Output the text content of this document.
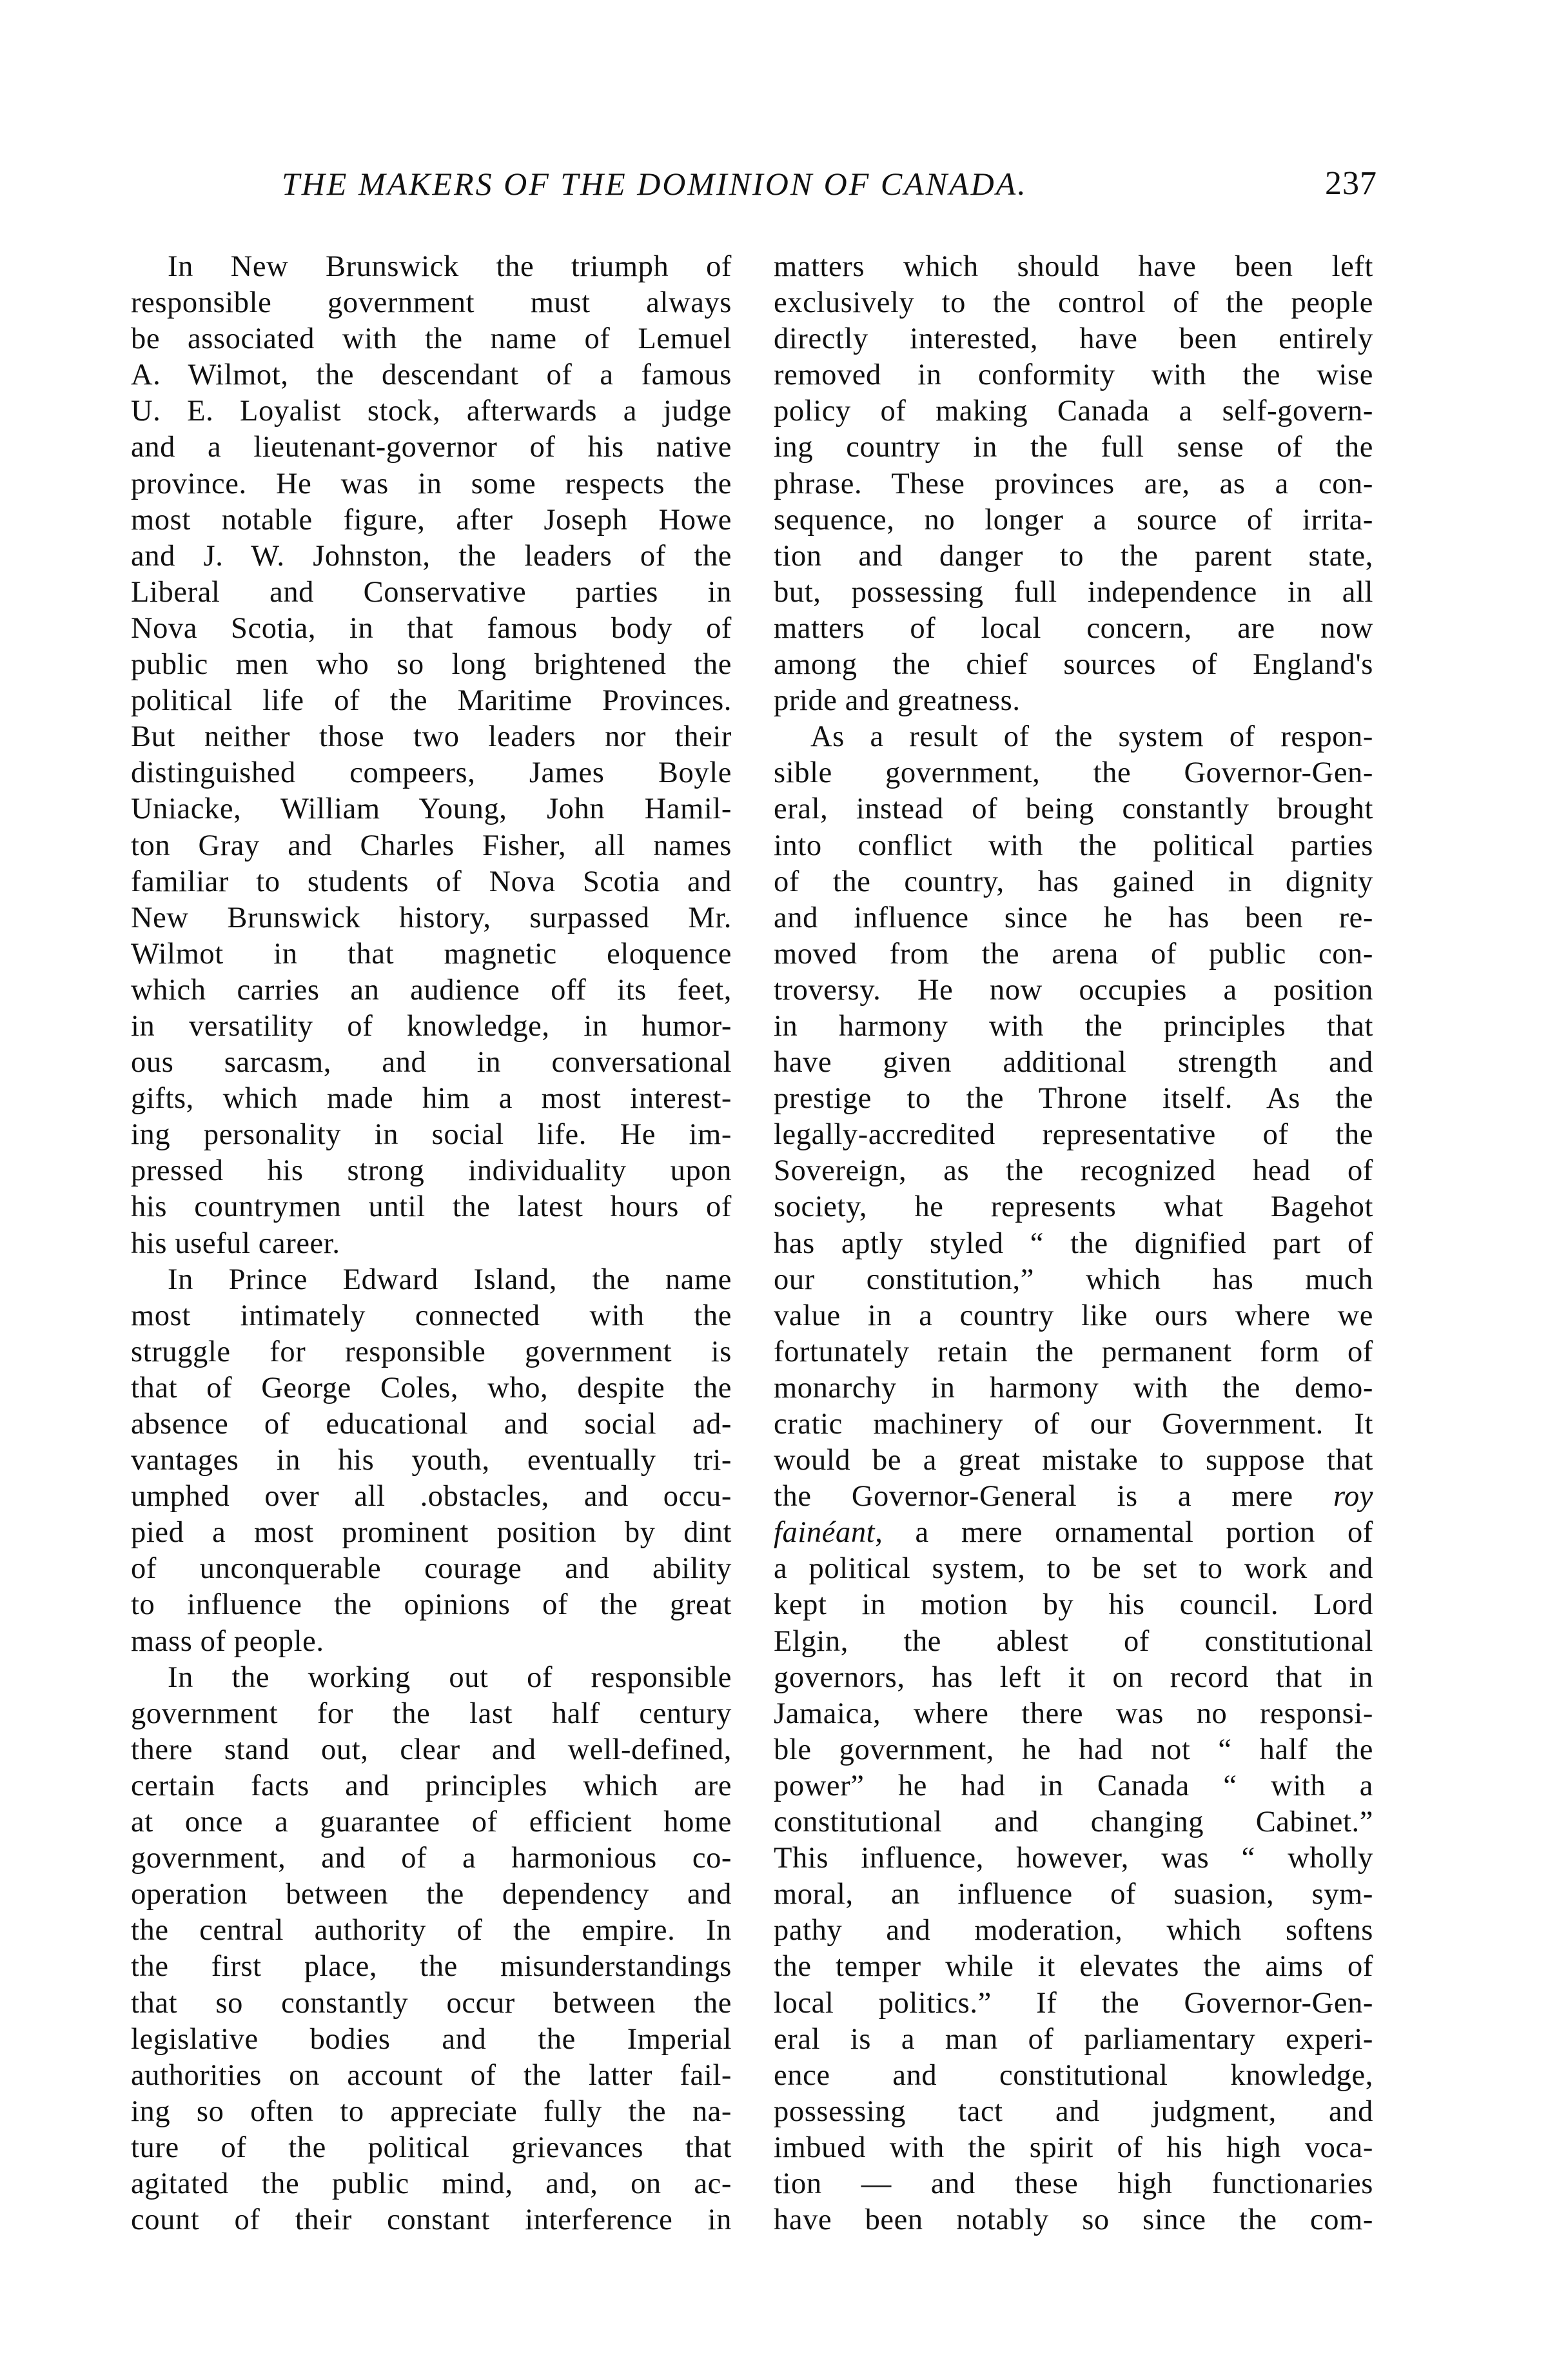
THE MAKERS OF THE DOMINION OF CANADA.	237
In New Brunswick the triumph of
responsible government must always
be associated with the name of Lemuel
A. Wilmot, the descendant of a famous
U. E. Loyalist stock, afterwards a judge
and a lieutenant-governor of his native
province. He was in some respects the
most notable figure, after Joseph Howe
and J. W. Johnston, the leaders of the
Liberal and Conservative parties in
Nova Scotia, in that famous body of
public men who so long brightened the
political life of the Maritime Provinces.
But neither those two leaders nor their
distinguished compeers, James Boyle
Uniacke, William Young, John Hamil-
ton Gray and Charles Fisher, all names
familiar to students of Nova Scotia and
New Brunswick history, surpassed Mr.
Wilmot in that magnetic eloquence
which carries an audience off its feet,
in versatility of knowledge, in humor-
ous sarcasm, and in conversational
gifts, which made him a most interest-
ing personality in social life. He im-
pressed his strong individuality upon
his countrymen until the latest hours of
his useful career.
In Prince Edward Island, the name
most intimately connected with the
struggle for responsible government is
that of George Coles, who, despite the
absence of educational and social ad-
vantages in his youth, eventually tri-
umphed over all .obstacles, and occu-
pied a most prominent position by dint
of unconquerable courage and ability
to influence the opinions of the great
mass of people.
In the working out of responsible
government for the last half century
there stand out, clear and well-defined,
certain facts and principles which are
at once a guarantee of efficient home
government, and of a harmonious co-
operation between the dependency and
the central authority of the empire. In
the first place, the misunderstandings
that so constantly occur between the
legislative bodies and the Imperial
authorities on account of the latter fail-
ing so often to appreciate fully the na-
ture of the political grievances that
agitated the public mind, and, on ac-
count of their constant interference in
matters which should have been left
exclusively to the control of the people
directly interested, have been entirely
removed in conformity with the wise
policy of making Canada a self-govern-
ing country in the full sense of the
phrase. These provinces are, as a con-
sequence, no longer a source of irrita-
tion and danger to the parent state,
but, possessing full independence in all
matters of local concern, are now
among the chief sources of England's
pride and greatness.
As a result of the system of respon-
sible government, the Governor-Gen-
eral, instead of being constantly brought
into conflict with the political parties
of the country, has gained in dignity
and influence since he has been re-
moved from the arena of public con-
troversy. He now occupies a position
in harmony with the principles that
have given additional strength and
prestige to the Throne itself. As the
legally-accredited representative of the
Sovereign, as the recognized head of
society, he represents what Bagehot
has aptly styled “ the dignified part of
our constitution,” which has much
value in a country like ours where we
fortunately retain the permanent form of
monarchy in harmony with the demo-
cratic machinery of our Government. It
would be a great mistake to suppose that
the Governor-General is a mere roy
fainéant, a mere ornamental portion of
a political system, to be set to work and
kept in motion by his council. Lord
Elgin, the ablest of constitutional
governors, has left it on record that in
Jamaica, where there was no responsi-
ble government, he had not “ half the
power” he had in Canada “ with a
constitutional and changing Cabinet.”
This influence, however, was “ wholly
moral, an influence of suasion, sym-
pathy and moderation, which softens
the temper while it elevates the aims of
local politics.” If the Governor-Gen-
eral is a man of parliamentary experi-
ence and constitutional knowledge,
possessing tact and judgment, and
imbued with the spirit of his high voca-
tion — and these high functionaries
have been notably so since the com-
